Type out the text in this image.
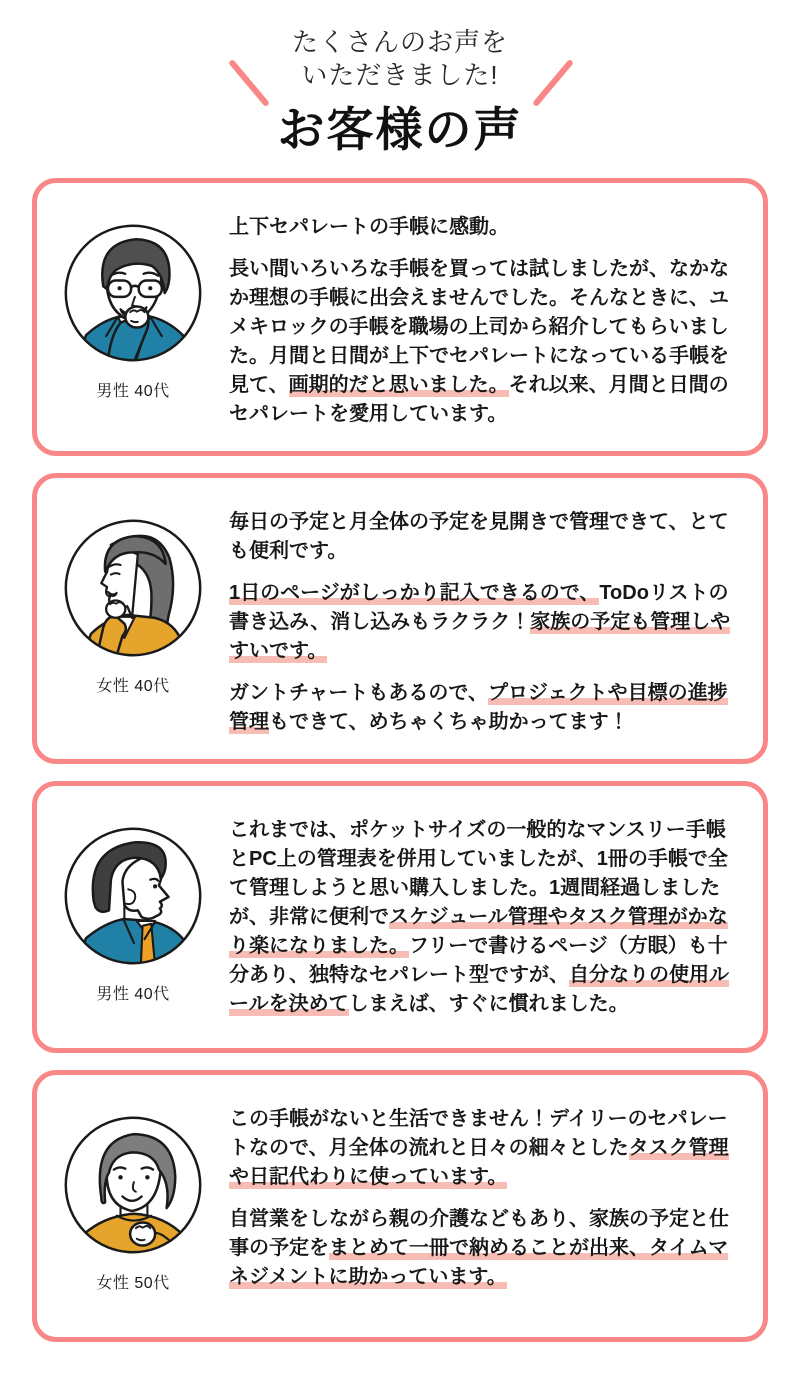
たくさんのお声を
いただきました!
お客様の声
男性 40代

上下セパレートの手帳に感動。

長い間いろいろな手帳を買っては試しましたが、なかなか理想の手帳に出会えませんでした。そんなときに、ユメキロックの手帳を職場の上司から紹介してもらいました。月間と日間が上下でセパレートになっている手帳を見て、画期的だと思いました。それ以来、月間と日間のセパレートを愛用しています。

女性 40代

毎日の予定と月全体の予定を見開きで管理できて、とても便利です。

1日のページがしっかり記入できるので、ToDoリストの書き込み、消し込みもラクラク！家族の予定も管理しやすいです。

ガントチャートもあるので、プロジェクトや目標の進捗管理もできて、めちゃくちゃ助かってます！

男性 40代

これまでは、ポケットサイズの一般的なマンスリー手帳とPC上の管理表を併用していましたが、1冊の手帳で全て管理しようと思い購入しました。1週間経過しましたが、非常に便利でスケジュール管理やタスク管理がかなり楽になりました。フリーで書けるページ（方眼）も十分あり、独特なセパレート型ですが、自分なりの使用ルールを決めてしまえば、すぐに慣れました。

女性 50代

この手帳がないと生活できません！デイリーのセパレートなので、月全体の流れと日々の細々としたタスク管理や日記代わりに使っています。

自営業をしながら親の介護などもあり、家族の予定と仕事の予定をまとめて一冊で納めることが出来、タイムマネジメントに助かっています。
